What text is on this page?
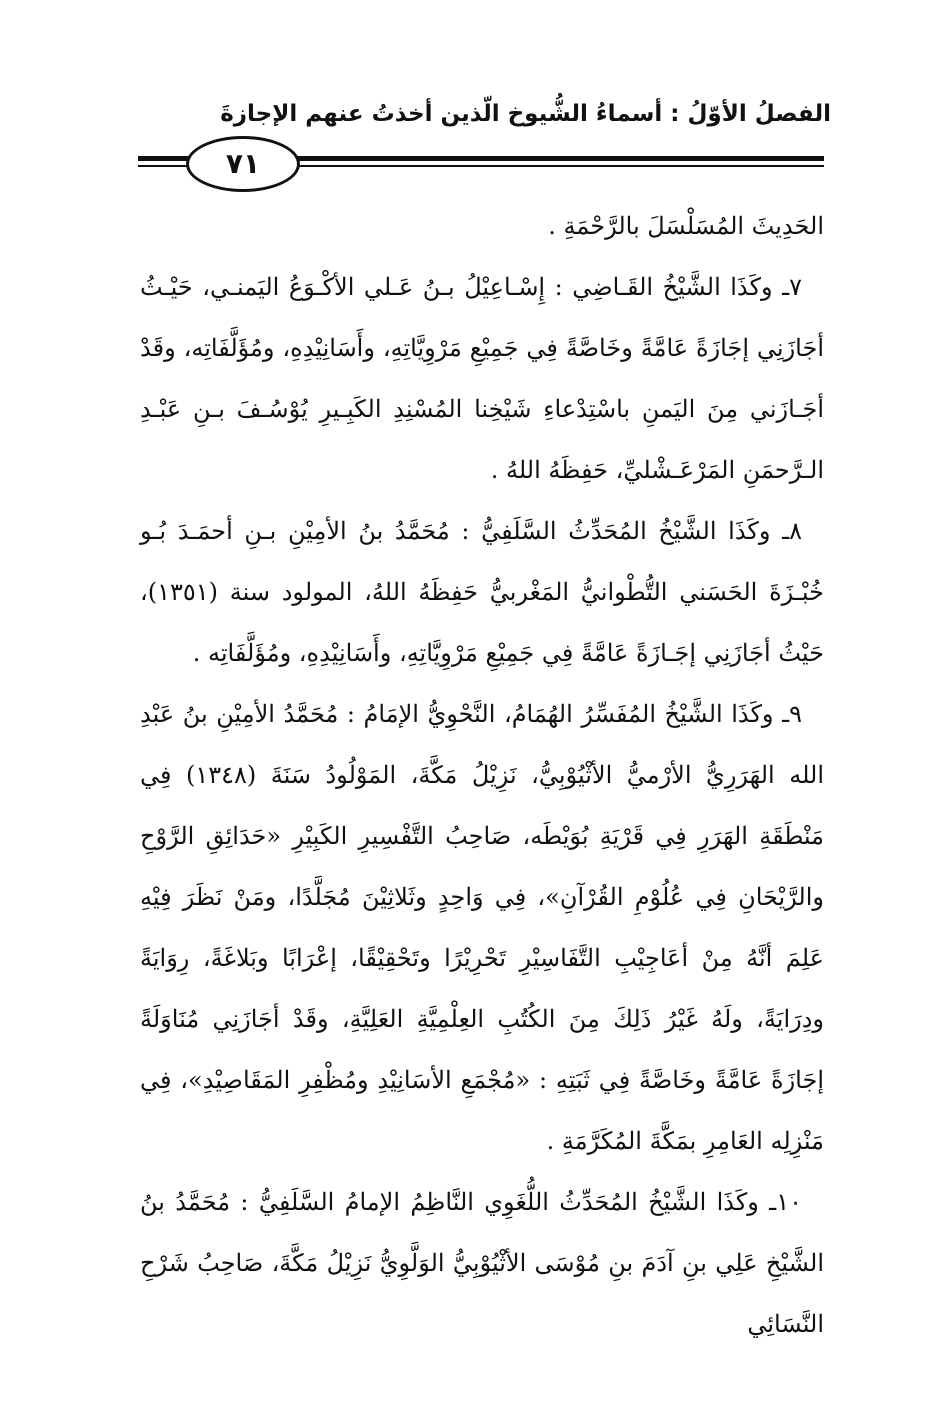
الفصلُ الأوّلُ : أسماءُ الشُّيوخ الّذين أخذتُ عنهم الإجازةَ
٧١

الحَدِيثَ المُسَلْسَلَ بالرَّحْمَةِ .

٧ـ وكَذَا الشَّيْخُ القَـاضِي : إِسْـاعِيْلُ بـنُ عَـلي الأكْـوَعُ اليَمنـي، حَيْـثُ أجَازَنِي إجَازَةً عَامَّةً وخَاصَّةً فِي جَمِيْعِ مَرْوِيَّاتِهِ، وأَسَانِيْدِهِ، ومُؤَلَّفَاتِه، وقَدْ أجَـازَني مِنَ اليَمنِ باسْتِدْعاءِ شَيْخِنا المُسْنِدِ الكَبِـيرِ يُوْسُـفَ بـنِ عَبْـدِ الـرَّحمَنِ المَرْعَـشْليِّ، حَفِظَهُ اللهُ .

٨ـ وكَذَا الشَّيْخُ المُحَدِّثُ السَّلَفِيُّ : مُحَمَّدُ بنُ الأمِيْنِ بـنِ أحمَـدَ بُـو خُبْـزَةَ الحَسَني التُّطْوانيُّ المَغْربيُّ حَفِظَهُ اللهُ، المولود سنة (١٣٥١)، حَيْثُ أجَازَنِي إجَـازَةً عَامَّةً فِي جَمِيْعِ مَرْوِيَّاتِهِ، وأَسَانِيْدِهِ، ومُؤَلَّفَاتِه .

٩ـ وكَذَا الشَّيْخُ المُفَسِّرُ الهُمَامُ، النَّحْوِيُّ الإمَامُ : مُحَمَّدُ الأمِيْنِ بنُ عَبْدِ الله الهَرَرِيُّ الأرْميُّ الأثْيُوْبِيُّ، نَزِيْلُ مَكَّةَ، المَوْلُودُ سَنَةَ (١٣٤٨) فِي مَنْطَقَةِ الهَرَرِ فِي قَرْيَةِ بُوَيْطَه، صَاحِبُ التَّفْسِيرِ الكَبِيْرِ «حَدَائِقِ الرَّوْحِ والرَّيْحَانِ فِي عُلُوْمِ القُرْآنِ»، فِي وَاحِدٍ وثَلاثِيْنَ مُجَلَّدًا، ومَنْ نَظَرَ فِيْهِ عَلِمَ أنَّهُ مِنْ أعَاجِيْبِ التَّفَاسِيْرِ تَحْرِيْرًا وتَحْقِيْقًا، إعْرَابًا وبَلاغَةً، رِوَايَةً ودِرَايَةً، ولَهُ غَيْرُ ذَلِكَ مِنَ الكُتُبِ العِلْمِيَّةِ العَلِيَّةِ، وقَدْ أجَازَنِي مُنَاوَلَةً إجَازَةً عَامَّةً وخَاصَّةً فِي ثَبَتِهِ : «مُجْمَعِ الأسَانِيْدِ ومُظْفِرِ المَقَاصِيْدِ»، فِي مَنْزِلِه العَامِرِ بمَكَّةَ المُكَرَّمَةِ .

١٠ـ وكَذَا الشَّيْخُ المُحَدِّثُ اللُّغَوِي النَّاظِمُ الإمامُ السَّلَفِيُّ : مُحَمَّدُ بنُ الشَّيْخِ عَلِي بنِ آدَمَ بنِ مُوْسَى الأثْيُوْبِيُّ الوَلَّوِيُّ نَزِيْلُ مَكَّةَ، صَاحِبُ شَرْحِ النَّسَائِي
